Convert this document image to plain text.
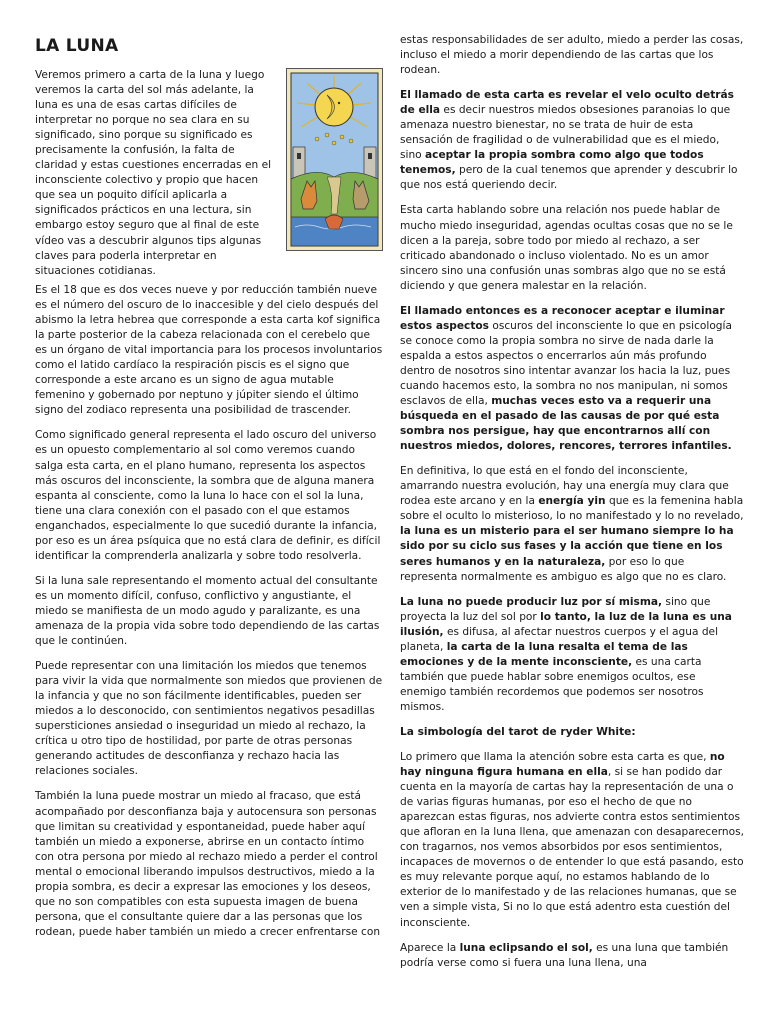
LA LUNA

Veremos primero a carta de la luna y luego veremos la carta del sol más adelante, la luna es una de esas cartas difíciles de interpretar no porque no sea clara en su significado, sino porque su significado es precisamente la confusión, la falta de claridad y estas cuestiones encerradas en el inconsciente colectivo y propio que hacen que sea un poquito difícil aplicarla a significados prácticos en una lectura, sin embargo estoy seguro que al final de este vídeo vas a descubrir algunos tips algunas claves para poderla interpretar en situaciones cotidianas.

Es el 18 que es dos veces nueve y por reducción también nueve es el número del oscuro de lo inaccesible y del cielo después del abismo la letra hebrea que corresponde a esta carta kof significa la parte posterior de la cabeza relacionada con el cerebelo que es un órgano de vital importancia para los procesos involuntarios como el latido cardíaco la respiración piscis es el signo que corresponde a este arcano es un signo de agua mutable femenino y gobernado por neptuno y júpiter siendo el último signo del zodiaco representa una posibilidad de trascender.

Como significado general representa el lado oscuro del universo es un opuesto complementario al sol como veremos cuando salga esta carta, en el plano humano, representa los aspectos más oscuros del inconsciente, la sombra que de alguna manera espanta al consciente, como la luna lo hace con el sol la luna, tiene una clara conexión con el pasado con el que estamos enganchados, especialmente lo que sucedió durante la infancia, por eso es un área psíquica que no está clara de definir, es difícil identificar la comprenderla analizarla y sobre todo resolverla.

Si la luna sale representando el momento actual del consultante es un momento difícil, confuso, conflictivo y angustiante, el miedo se manifiesta de un modo agudo y paralizante, es una amenaza de la propia vida sobre todo dependiendo de las cartas que le continúen.

Puede representar con una limitación los miedos que tenemos para vivir la vida que normalmente son miedos que provienen de la infancia y que no son fácilmente identificables, pueden ser miedos a lo desconocido, con sentimientos negativos pesadillas supersticiones ansiedad o inseguridad un miedo al rechazo, la crítica u otro tipo de hostilidad, por parte de otras personas generando actitudes de desconfianza y rechazo hacia las relaciones sociales.

También la luna puede mostrar un miedo al fracaso, que está acompañado por desconfianza baja y autocensura son personas que limitan su creatividad y espontaneidad, puede haber aquí también un miedo a exponerse, abrirse en un contacto íntimo con otra persona por miedo al rechazo miedo a perder el control mental o emocional liberando impulsos destructivos, miedo a la propia sombra, es decir a expresar las emociones y los deseos, que no son compatibles con esta supuesta imagen de buena persona, que el consultante quiere dar a las personas que los rodean, puede haber también un miedo a crecer enfrentarse con

estas responsabilidades de ser adulto, miedo a perder las cosas, incluso el miedo a morir dependiendo de las cartas que los rodean.

El llamado de esta carta es revelar el velo oculto detrás de ella es decir nuestros miedos obsesiones paranoias lo que amenaza nuestro bienestar, no se trata de huir de esta sensación de fragilidad o de vulnerabilidad que es el miedo, sino aceptar la propia sombra como algo que todos tenemos, pero de la cual tenemos que aprender y descubrir lo que nos está queriendo decir.

Esta carta hablando sobre una relación nos puede hablar de mucho miedo inseguridad, agendas ocultas cosas que no se le dicen a la pareja, sobre todo por miedo al rechazo, a ser criticado abandonado o incluso violentado. No es un amor sincero sino una confusión unas sombras algo que no se está diciendo y que genera malestar en la relación.

El llamado entonces es a reconocer aceptar e iluminar estos aspectos oscuros del inconsciente lo que en psicología se conoce como la propia sombra no sirve de nada darle la espalda a estos aspectos o encerrarlos aún más profundo dentro de nosotros sino intentar avanzar los hacia la luz, pues cuando hacemos esto, la sombra no nos manipulan, ni somos esclavos de ella, muchas veces esto va a requerir una búsqueda en el pasado de las causas de por qué esta sombra nos persigue, hay que encontrarnos allí con nuestros miedos, dolores, rencores, terrores infantiles.

En definitiva, lo que está en el fondo del inconsciente, amarrando nuestra evolución, hay una energía muy clara que rodea este arcano y en la energía yin que es la femenina habla sobre el oculto lo misterioso, lo no manifestado y lo no revelado, la luna es un misterio para el ser humano siempre lo ha sido por su ciclo sus fases y la acción que tiene en los seres humanos y en la naturaleza, por eso lo que representa normalmente es ambiguo es algo que no es claro.

La luna no puede producir luz por sí misma, sino que proyecta la luz del sol por lo tanto, la luz de la luna es una ilusión, es difusa, al afectar nuestros cuerpos y el agua del planeta, la carta de la luna resalta el tema de las emociones y de la mente inconsciente, es una carta también que puede hablar sobre enemigos ocultos, ese enemigo también recordemos que podemos ser nosotros mismos.

La simbología del tarot de ryder White:

Lo primero que llama la atención sobre esta carta es que, no hay ninguna figura humana en ella, si se han podido dar cuenta en la mayoría de cartas hay la representación de una o de varias figuras humanas, por eso el hecho de que no aparezcan estas figuras, nos advierte contra estos sentimientos que afloran en la luna llena, que amenazan con desaparecernos, con tragarnos, nos vemos absorbidos por esos sentimientos, incapaces de movernos o de entender lo que está pasando, esto es muy relevante porque aquí, no estamos hablando de lo exterior de lo manifestado y de las relaciones humanas, que se ven a simple vista, Si no lo que está adentro esta cuestión del inconsciente.

Aparece la luna eclipsando el sol, es una luna que también podría verse como si fuera una luna llena, una
